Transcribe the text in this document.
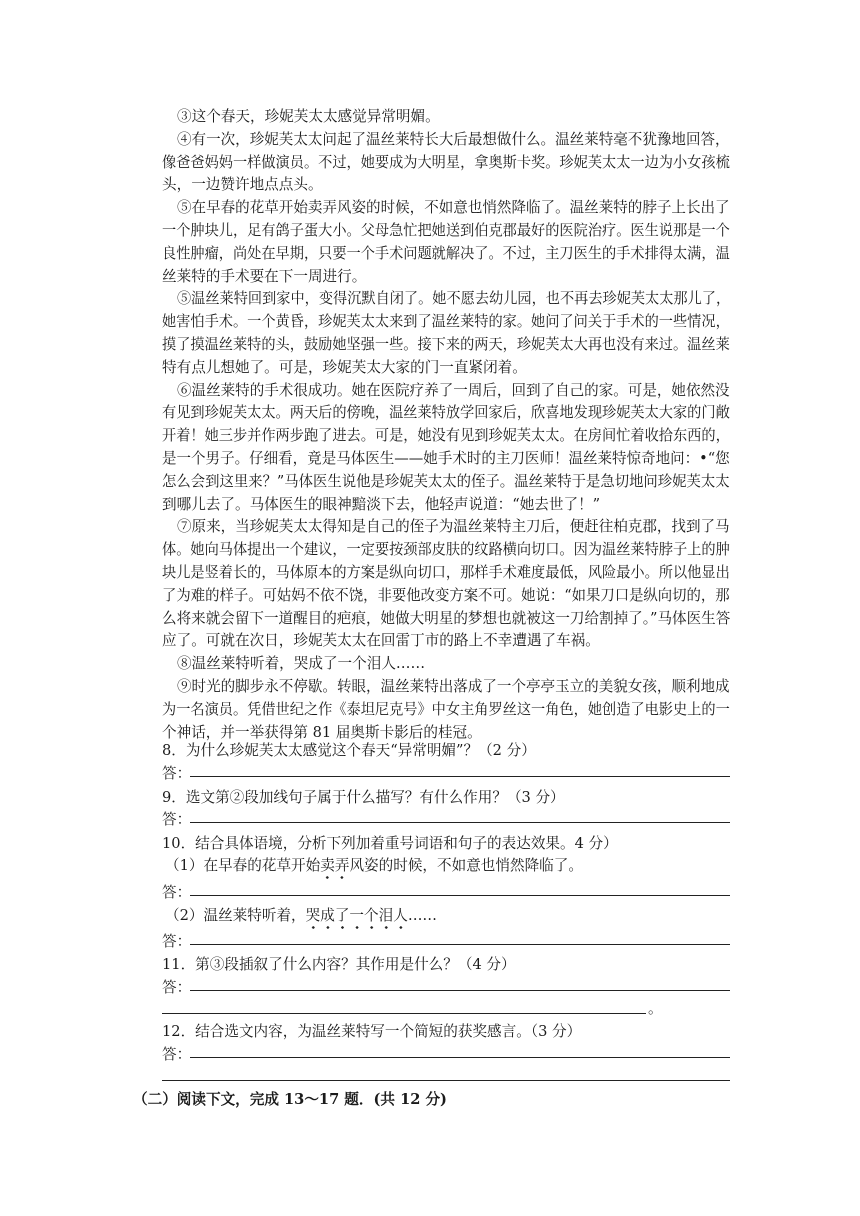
③这个春天，珍妮芙太太感觉异常明媚。
④有一次，珍妮芙太太问起了温丝莱特长大后最想做什么。温丝莱特毫不犹豫地回答，
像爸爸妈妈一样做演员。不过，她要成为大明星，拿奥斯卡奖。珍妮芙太太一边为小女孩梳
头，一边赞许地点点头。
⑤在早春的花草开始卖弄风姿的时候，不如意也悄然降临了。温丝莱特的脖子上长出了
一个肿块儿，足有鸽子蛋大小。父母急忙把她送到伯克郡最好的医院治疗。医生说那是一个
良性肿瘤，尚处在早期，只要一个手术问题就解决了。不过，主刀医生的手术排得太满，温
丝莱特的手术要在下一周进行。
⑤温丝莱特回到家中，变得沉默自闭了。她不愿去幼儿园，也不再去珍妮芙太太那儿了，
她害怕手术。一个黄昏，珍妮芙太太来到了温丝莱特的家。她问了问关于手术的一些情况，
摸了摸温丝莱特的头，鼓励她坚强一些。接下来的两天，珍妮芙太大再也没有来过。温丝莱
特有点儿想她了。可是，珍妮芙太大家的门一直紧闭着。
⑥温丝莱特的手术很成功。她在医院疗养了一周后，回到了自己的家。可是，她依然没
有见到珍妮芙太太。两天后的傍晚，温丝莱特放学回家后，欣喜地发现珍妮芙太大家的门敞
开着！她三步并作两步跑了进去。可是，她没有见到珍妮芙太太。在房间忙着收拾东西的，
是一个男子。仔细看，竟是马体医生——她手术时的主刀医师！温丝莱特惊奇地问：•“您
怎么会到这里来？”马体医生说他是珍妮芙太太的侄子。温丝莱特于是急切地问珍妮芙太太
到哪儿去了。马体医生的眼神黯淡下去，他轻声说道：“她去世了！”
⑦原来，当珍妮芙太太得知是自己的侄子为温丝莱特主刀后，便赶往柏克郡，找到了马
体。她向马体提出一个建议，一定要按颈部皮肤的纹路横向切口。因为温丝莱特脖子上的肿
块儿是竖着长的，马体原本的方案是纵向切口，那样手术难度最低，风险最小。所以他显出
了为难的样子。可姑妈不依不饶，非要他改变方案不可。她说：“如果刀口是纵向切的，那
么将来就会留下一道醒目的疤痕，她做大明星的梦想也就被这一刀给割掉了。”马体医生答
应了。可就在次日，珍妮芙太太在回雷丁市的路上不幸遭遇了车祸。
⑧温丝莱特听着，哭成了一个泪人……
⑨时光的脚步永不停歇。转眼，温丝莱特出落成了一个亭亭玉立的美貌女孩，顺利地成
为一名演员。凭借世纪之作《泰坦尼克号》中女主角罗丝这一角色，她创造了电影史上的一
个神话，并一举获得第 81 届奥斯卡影后的桂冠。
8．为什么珍妮芙太太感觉这个春天“异常明媚”？（2 分）
答：
9．选文第②段加线句子属于什么描写？有什么作用？（3 分）
答：
10．结合具体语境，分析下列加着重号词语和句子的表达效果。4 分）
（1）在早春的花草开始卖弄风姿的时候，不如意也悄然降临了。
答：
（2）温丝莱特听着，哭成了一个泪人……
答：
11．第③段插叙了什么内容？其作用是什么？（4 分）
答：
。
12．结合选文内容，为温丝莱特写一个简短的获奖感言。（3 分）
答：
（二）阅读下文，完成 13～17 题．(共 12 分)
